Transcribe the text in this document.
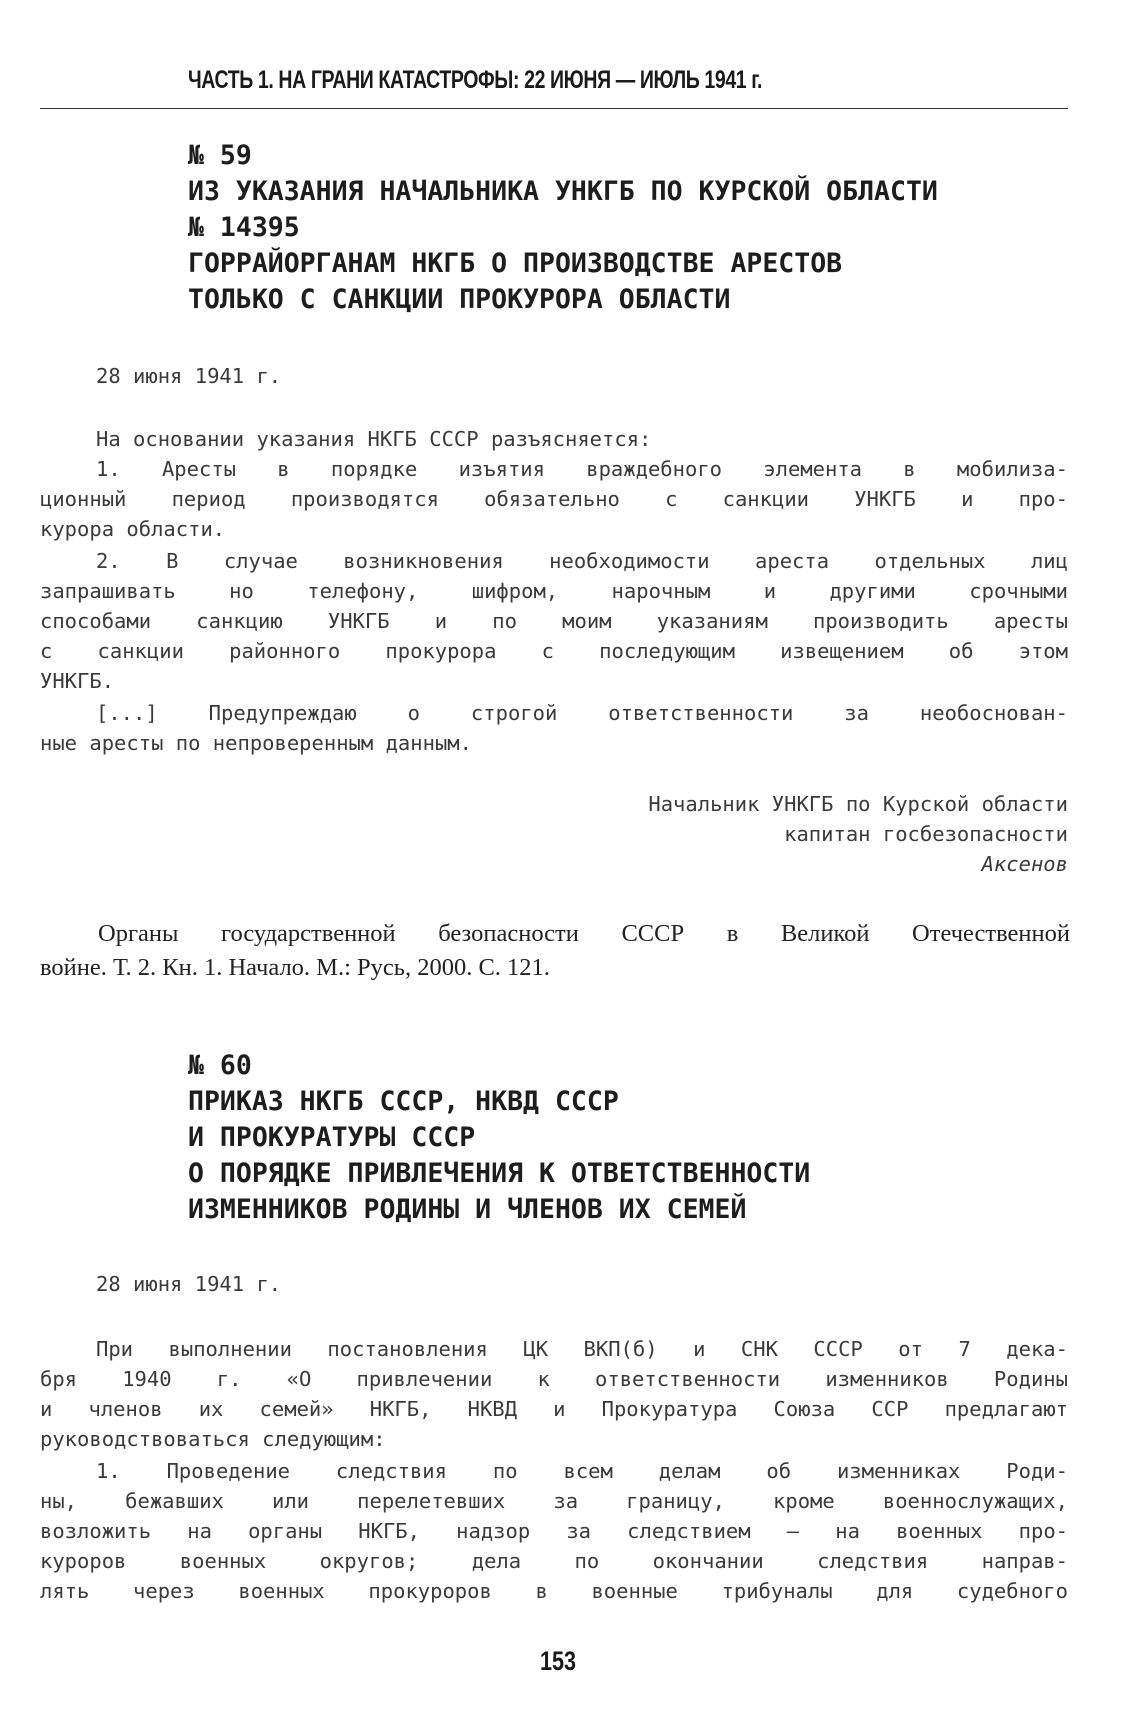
ЧАСТЬ 1. НА ГРАНИ КАТАСТРОФЫ: 22 ИЮНЯ — ИЮЛЬ 1941 г.
№ 59
ИЗ УКАЗАНИЯ НАЧАЛЬНИКА УНКГБ ПО КУРСКОЙ ОБЛАСТИ
№ 14395
ГОРРАЙОРГАНАМ НКГБ О ПРОИЗВОДСТВЕ АРЕСТОВ
ТОЛЬКО С САНКЦИИ ПРОКУРОРА ОБЛАСТИ
28 июня 1941 г.
На основании указания НКГБ СССР разъясняется:
1. Аресты в порядке изъятия враждебного элемента в мобилиза-
ционный период производятся обязательно с санкции УНКГБ и про-
курора области.
2. В случае возникновения необходимости ареста отдельных лиц
запрашивать но телефону, шифром, нарочным и другими срочными
способами санкцию УНКГБ и по моим указаниям производить аресты
с санкции районного прокурора с последующим извещением об этом
УНКГБ.
[...] Предупреждаю о строгой ответственности за необоснован-
ные аресты по непроверенным данным.
Начальник УНКГБ по Курской области
капитан госбезопасности
Аксенов
Органы государственной безопасности СССР в Великой Отечественной
войне. Т. 2. Кн. 1. Начало. М.: Русь, 2000. С. 121.
№ 60
ПРИКАЗ НКГБ СССР, НКВД СССР
И ПРОКУРАТУРЫ СССР
О ПОРЯДКЕ ПРИВЛЕЧЕНИЯ К ОТВЕТСТВЕННОСТИ
ИЗМЕННИКОВ РОДИНЫ И ЧЛЕНОВ ИХ СЕМЕЙ
28 июня 1941 г.
При выполнении постановления ЦК ВКП(б) и СНК СССР от 7 дека-
бря 1940 г. «О привлечении к ответственности изменников Родины
и членов их семей» НКГБ, НКВД и Прокуратура Союза ССР предлагают
руководствоваться следующим:
1. Проведение следствия по всем делам об изменниках Роди-
ны, бежавших или перелетевших за границу, кроме военнослужащих,
возложить на органы НКГБ, надзор за следствием – на военных про-
куроров военных округов; дела по окончании следствия направ-
лять через военных прокуроров в военные трибуналы для судебного
153
